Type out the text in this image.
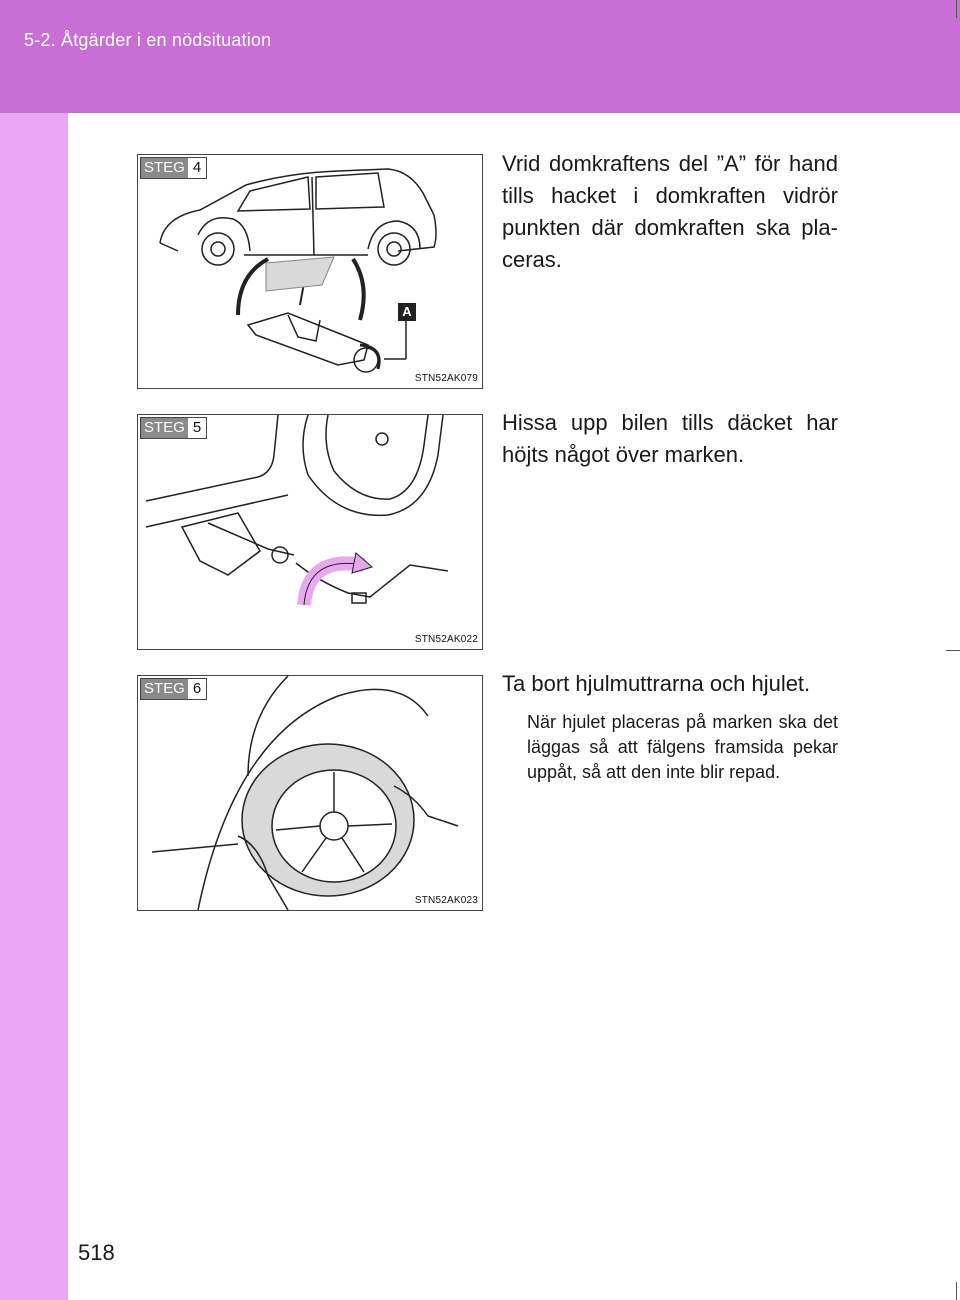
5-2. Åtgärder i en nödsituation
STEG 4
A
STN52AK079
Vrid domkraftens del ”A” för hand tills hacket i domkraften vidrör punkten där domkraften ska pla-ceras.
STEG 5
STN52AK022
Hissa upp bilen tills däcket har höjts något över marken.
STEG 6
STN52AK023
Ta bort hjulmuttrarna och hjulet.
När hjulet placeras på marken ska det läggas så att fälgens framsida pekar uppåt, så att den inte blir repad.
518
